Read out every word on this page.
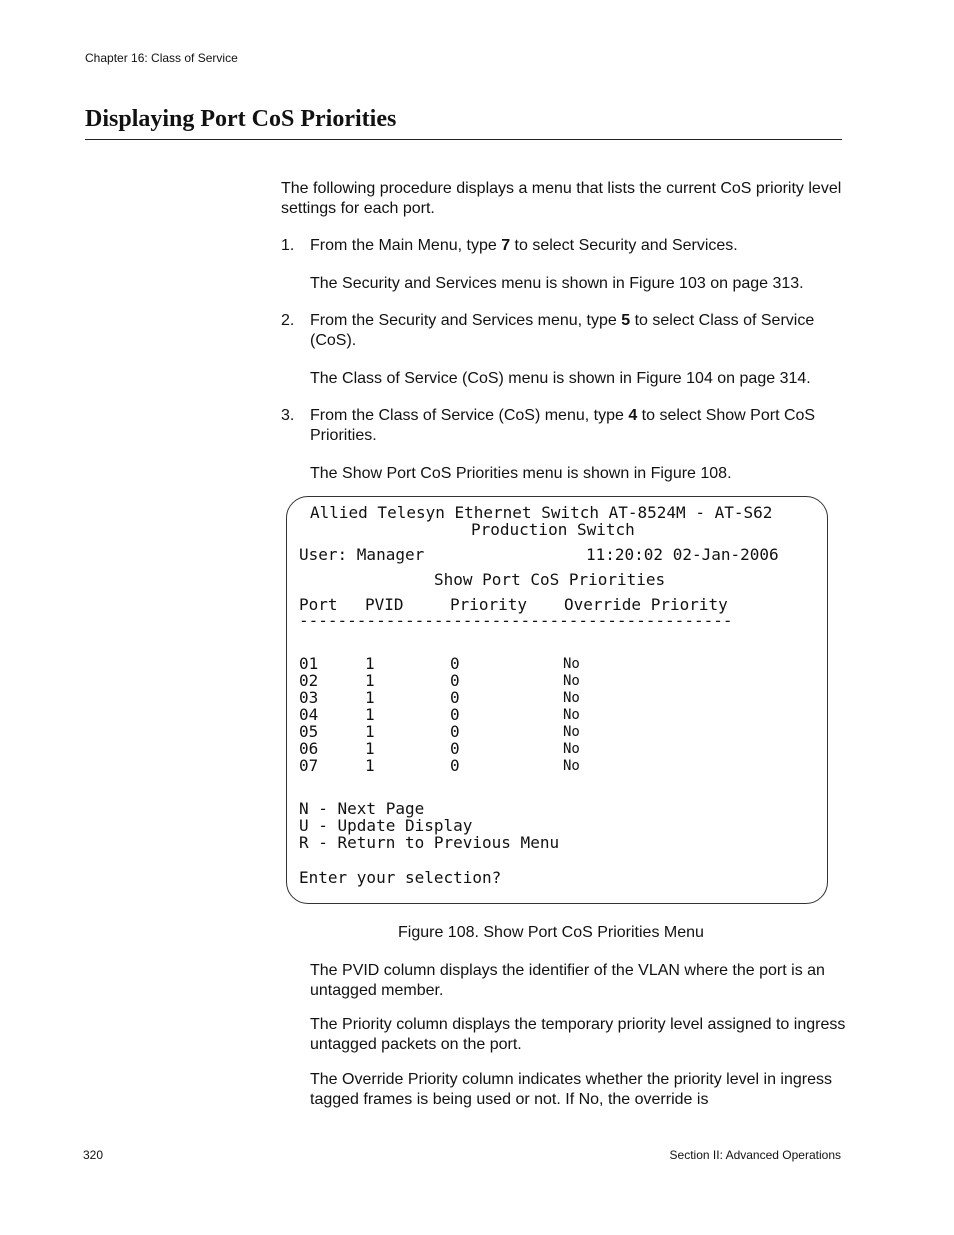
Chapter 16: Class of Service
Displaying Port CoS Priorities

The following procedure displays a menu that lists the current CoS priority level settings for each port.

1. From the Main Menu, type 7 to select Security and Services.

The Security and Services menu is shown in Figure 103 on page 313.

2. From the Security and Services menu, type 5 to select Class of Service (CoS).

The Class of Service (CoS) menu is shown in Figure 104 on page 314.

3. From the Class of Service (CoS) menu, type 4 to select Show Port CoS Priorities.

The Show Port CoS Priorities menu is shown in Figure 108.

Allied Telesyn Ethernet Switch AT-8524M - AT-S62
Production Switch
User: Manager	11:20:02 02-Jan-2006
Show Port CoS Priorities
Port PVID	Priority Override Priority
---------------------------------------------
01	1	0	No
02	1	0	No
03	1	0	No
04	1	0	No
05	1	0	No
06	1	0	No
07	1	0	No
N - Next Page
U - Update Display
R - Return to Previous Menu
Enter your selection?
Figure 108. Show Port CoS Priorities Menu

The PVID column displays the identifier of the VLAN where the port is an untagged member.

The Priority column displays the temporary priority level assigned to ingress untagged packets on the port.

The Override Priority column indicates whether the priority level in ingress tagged frames is being used or not. If No, the override is

320	Section II: Advanced Operations
